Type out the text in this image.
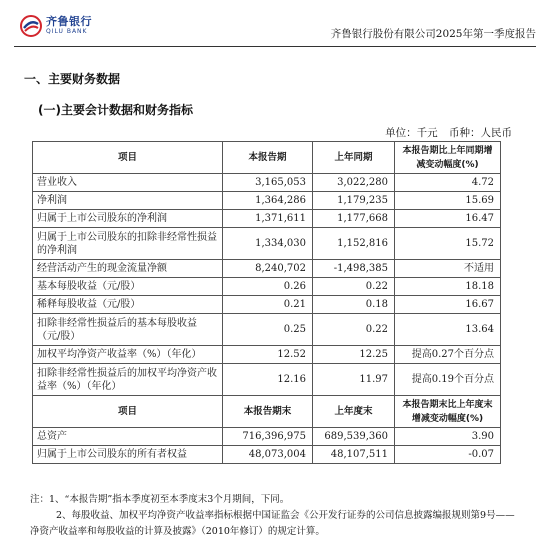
齐鲁银行
QILU BANK	齐鲁银行股份有限公司2025年第一季度报告
一、主要财务数据
(一)主要会计数据和财务指标
单位：千元 币种：人民币
项目	本报告期	上年同期	本报告期比上年同期增减变动幅度(%)
营业收入	3,165,053	3,022,280	4.72
净利润	1,364,286	1,179,235	15.69
归属于上市公司股东的净利润	1,371,611	1,177,668	16.47
归属于上市公司股东的扣除非经常性损益的净利润	1,334,030	1,152,816	15.72
经营活动产生的现金流量净额	8,240,702	-1,498,385	不适用
基本每股收益（元/股）	0.26	0.22	18.18
稀释每股收益（元/股）	0.21	0.18	16.67
扣除非经常性损益后的基本每股收益（元/股）	0.25	0.22	13.64
加权平均净资产收益率（%）（年化）	12.52	12.25	提高0.27个百分点
扣除非经常性损益后的加权平均净资产收益率（%）（年化）	12.16	11.97	提高0.19个百分点
项目	本报告期末	上年度末	本报告期末比上年度末增减变动幅度(%)
总资产	716,396,975	689,539,360	3.90
归属于上市公司股东的所有者权益	48,073,004	48,107,511	-0.07
注：1、“本报告期”指本季度初至本季度末3个月期间，下同。
2、每股收益、加权平均净资产收益率指标根据中国证监会《公开发行证券的公司信息披露编报规则第9号——净资产收益率和每股收益的计算及披露》（2010年修订）的规定计算。
